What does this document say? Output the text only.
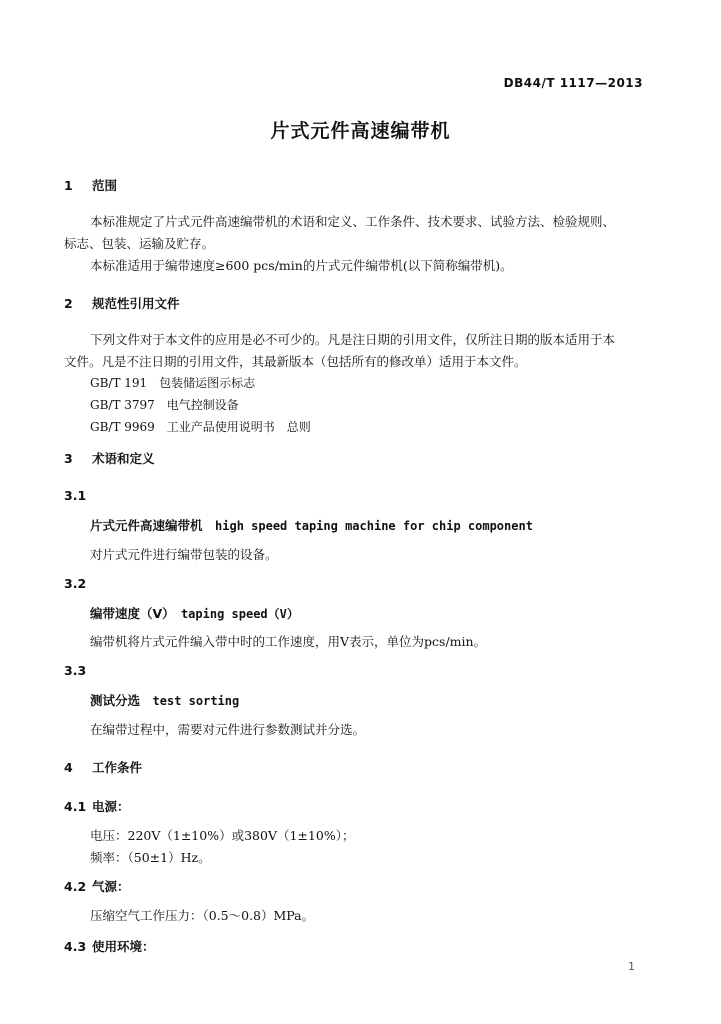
DB44/T 1117—2013
片式元件高速编带机
1 范围
本标准规定了片式元件高速编带机的术语和定义、工作条件、技术要求、试验方法、检验规则、
标志、包装、运输及贮存。
本标准适用于编带速度≥600 pcs/min的片式元件编带机(以下简称编带机)。
2 规范性引用文件
下列文件对于本文件的应用是必不可少的。凡是注日期的引用文件，仅所注日期的版本适用于本
文件。凡是不注日期的引用文件，其最新版本（包括所有的修改单）适用于本文件。
GB/T 191　包装储运图示标志
GB/T 3797　电气控制设备
GB/T 9969　工业产品使用说明书　总则
3 术语和定义
3.1
片式元件高速编带机　 high speed taping machine for chip component
对片式元件进行编带包装的设备。
3.2
编带速度（V）　 taping speed（V）
编带机将片式元件编入带中时的工作速度，用V表示，单位为pcs/min。
3.3
测试分选　 test sorting
在编带过程中，需要对元件进行参数测试并分选。
4 工作条件
4.1 电源：
电压：220V（1±10%）或380V（1±10%）；
频率：（50±1）Hz。
4.2 气源：
压缩空气工作压力：（0.5～0.8）MPa。
4.3 使用环境：
1
